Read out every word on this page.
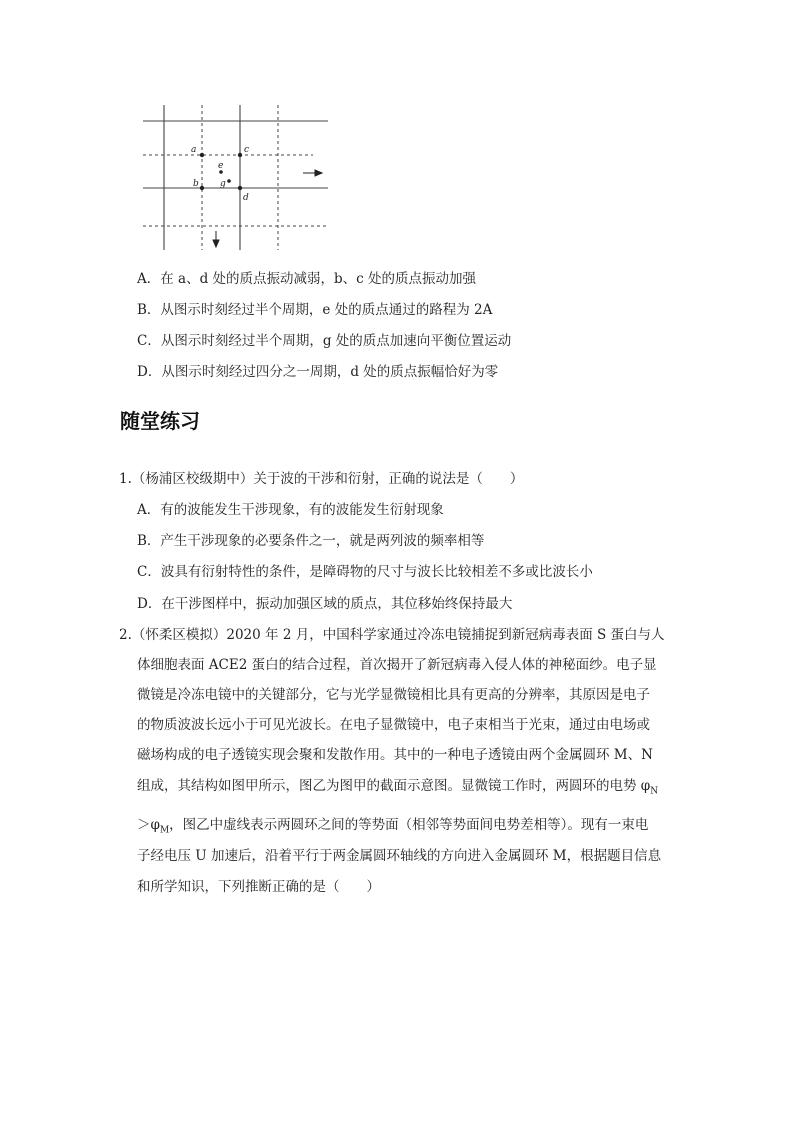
a	c
e
g
b
d
A．在 a、d 处的质点振动减弱，b、c 处的质点振动加强
B．从图示时刻经过半个周期，e 处的质点通过的路程为 2A
C．从图示时刻经过半个周期，g 处的质点加速向平衡位置运动
D．从图示时刻经过四分之一周期，d 处的质点振幅恰好为零
随堂练习
1.（杨浦区校级期中）关于波的干涉和衍射，正确的说法是（　　）
A．有的波能发生干涉现象，有的波能发生衍射现象
B．产生干涉现象的必要条件之一，就是两列波的频率相等
C．波具有衍射特性的条件，是障碍物的尺寸与波长比较相差不多或比波长小
D．在干涉图样中，振动加强区域的质点，其位移始终保持最大
2.（怀柔区模拟）2020 年 2 月，中国科学家通过冷冻电镜捕捉到新冠病毒表面 S 蛋白与人
体细胞表面 ACE2 蛋白的结合过程，首次揭开了新冠病毒入侵人体的神秘面纱。电子显
微镜是冷冻电镜中的关键部分，它与光学显微镜相比具有更高的分辨率，其原因是电子
的物质波波长远小于可见光波长。在电子显微镜中，电子束相当于光束，通过由电场或
磁场构成的电子透镜实现会聚和发散作用。其中的一种电子透镜由两个金属圆环 M、N
组成，其结构如图甲所示，图乙为图甲的截面示意图。显微镜工作时，两圆环的电势 $\varphi_N$
$>\varphi_M$，图乙中虚线表示两圆环之间的等势面（相邻等势面间电势差相等）。现有一束电
子经电压 U 加速后，沿着平行于两金属圆环轴线的方向进入金属圆环 M，根据题目信息
和所学知识，下列推断正确的是（　　）
